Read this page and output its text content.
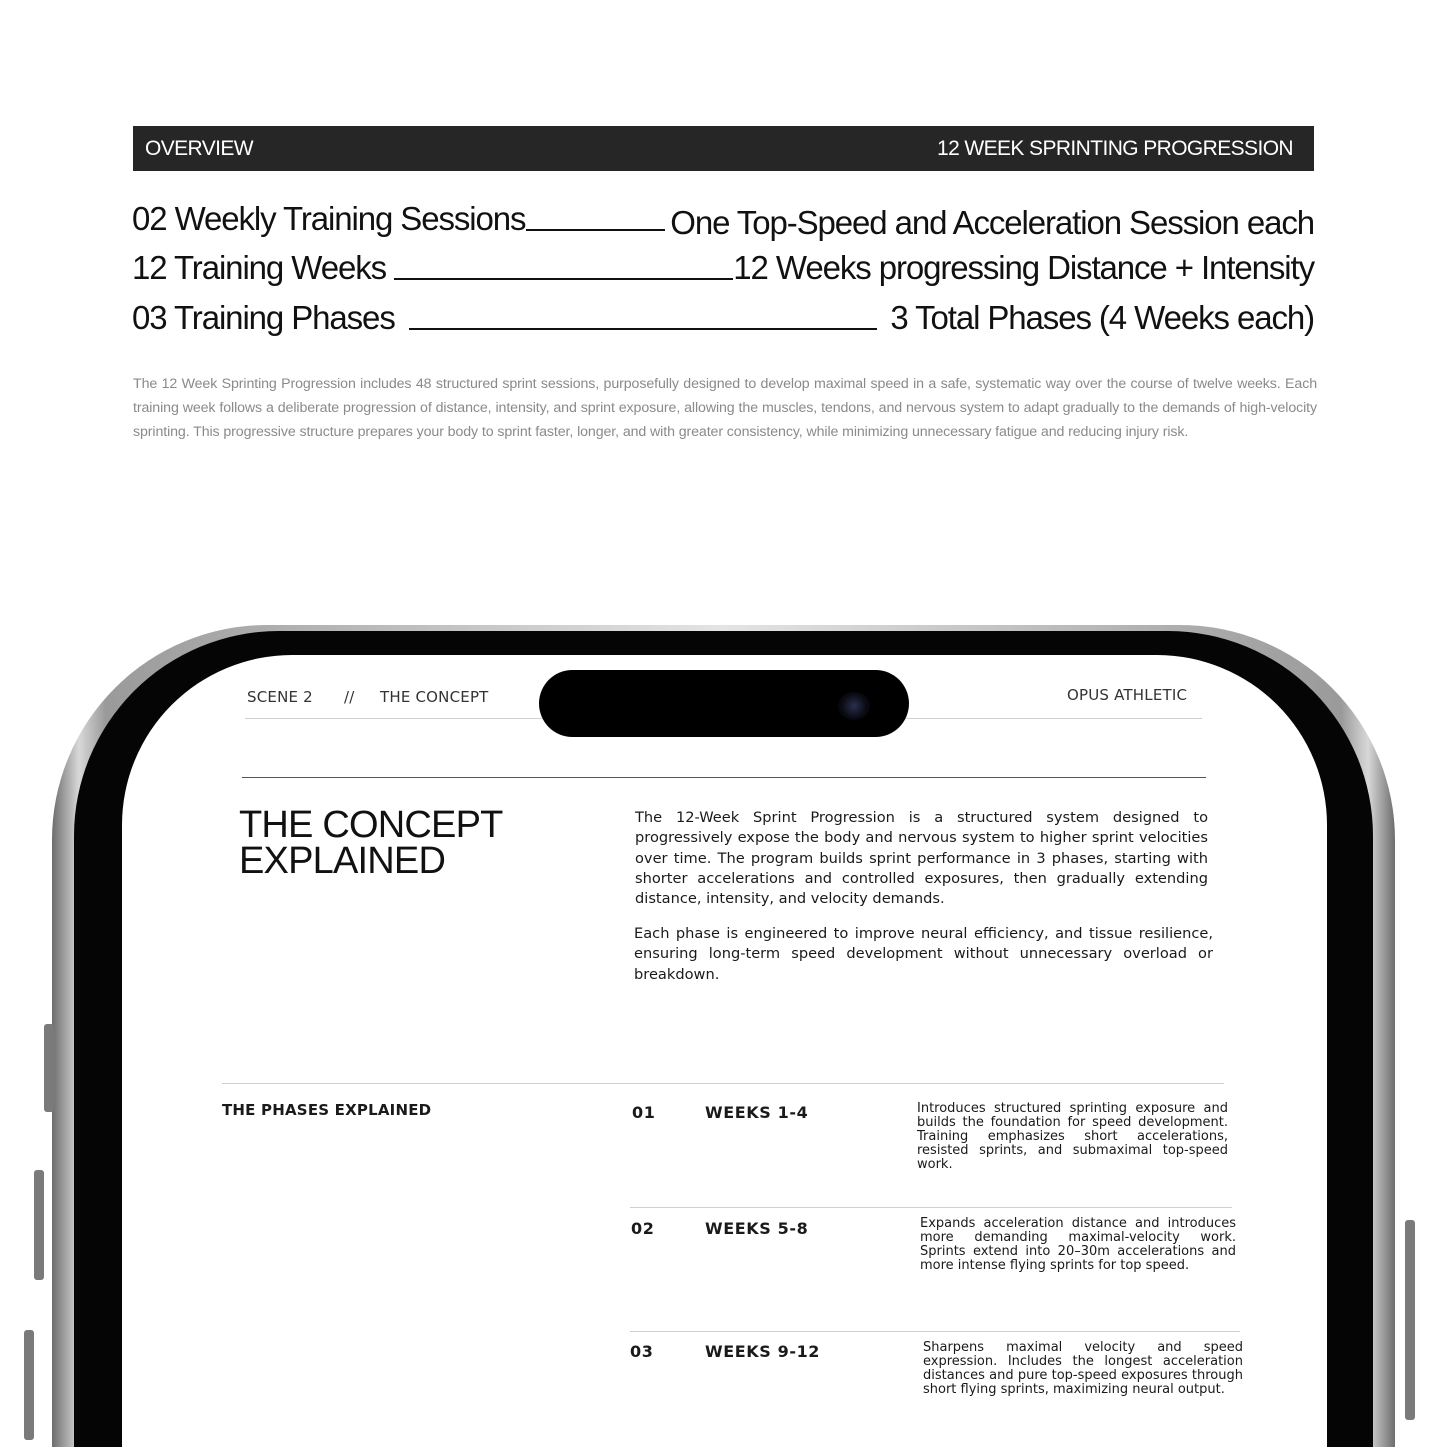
OVERVIEW	12 WEEK SPRINTING PROGRESSION
02 Weekly Training Sessions	One Top-Speed and Acceleration Session each
12 Training Weeks	12 Weeks progressing Distance + Intensity
03 Training Phases	3 Total Phases (4 Weeks each)

The 12 Week Sprinting Progression includes 48 structured sprint sessions, purposefully designed to develop maximal speed in a safe, systematic way over the course of twelve weeks. Each training week follows a deliberate progression of distance, intensity, and sprint exposure, allowing the muscles, tendons, and nervous system to adapt gradually to the demands of high-velocity sprinting. This progressive structure prepares your body to sprint faster, longer, and with greater consistency, while minimizing unnecessary fatigue and reducing injury risk.

SCENE 2 // THE CONCEPT	OPUS ATHLETIC
THE CONCEPT
EXPLAINED

The 12-Week Sprint Progression is a structured system designed to progressively expose the body and nervous system to higher sprint velocities over time. The program builds sprint performance in 3 phases, starting with shorter accelerations and controlled exposures, then gradually extending distance, intensity, and velocity demands.

Each phase is engineered to improve neural efficiency, and tissue resilience, ensuring long-term speed development without unnecessary overload or breakdown.

THE PHASES EXPLAINED	01	WEEKS 1-4	Introduces structured sprinting exposure and builds the foundation for speed development. Training emphasizes short accelerations, resisted sprints, and submaximal top-speed work.

02	WEEKS 5-8	Expands acceleration distance and introduces more demanding maximal-velocity work. Sprints extend into 20–30m accelerations and more intense flying sprints for top speed.

03	WEEKS 9-12	Sharpens maximal velocity and speed expression. Includes the longest acceleration distances and pure top-speed exposures through short flying sprints, maximizing neural output.
